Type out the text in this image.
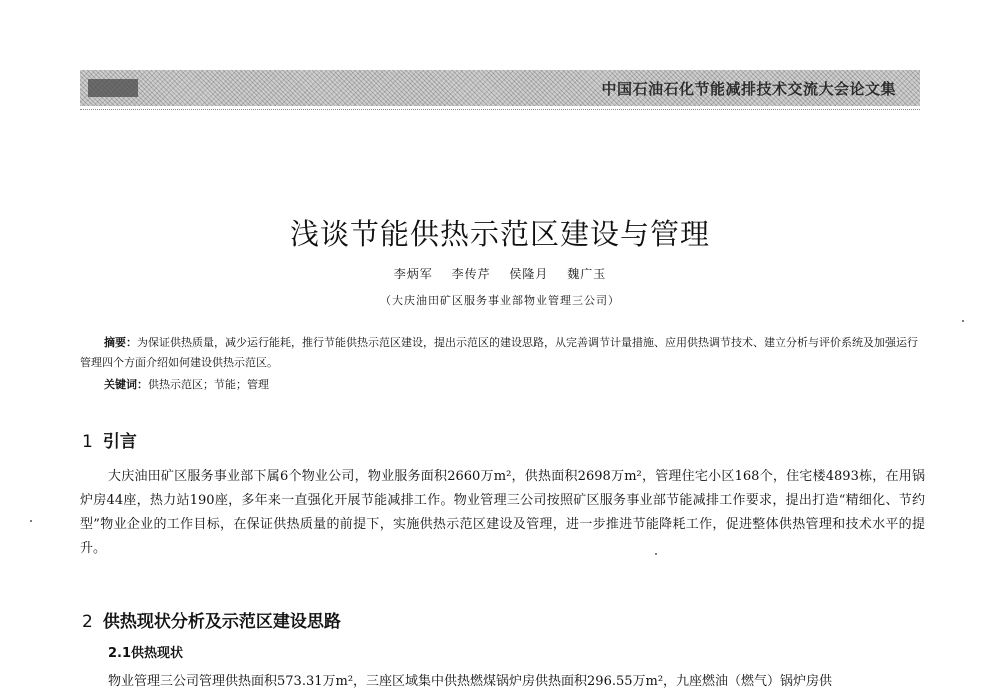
中国石油石化节能减排技术交流大会论文集
浅谈节能供热示范区建设与管理
李炳军 李传芹 侯隆月 魏广玉
（大庆油田矿区服务事业部物业管理三公司）

摘要：为保证供热质量，减少运行能耗，推行节能供热示范区建设，提出示范区的建设思路，从完善调节计量措施、应用供热调节技术、建立分析与评价系统及加强运行管理四个方面介绍如何建设供热示范区。

关键词：供热示范区；节能；管理
1 引言

大庆油田矿区服务事业部下属6个物业公司，物业服务面积2660万m²，供热面积2698万m²，管理住宅小区168个，住宅楼4893栋，在用锅炉房44座，热力站190座，多年来一直强化开展节能减排工作。物业管理三公司按照矿区服务事业部节能减排工作要求，提出打造“精细化、节约型”物业企业的工作目标，在保证供热质量的前提下，实施供热示范区建设及管理，进一步推进节能降耗工作，促进整体供热管理和技术水平的提升。

2 供热现状分析及示范区建设思路
2.1供热现状

物业管理三公司管理供热面积573.31万m²，三座区域集中供热燃煤锅炉房供热面积296.55万m²，九座燃油（燃气）锅炉房供
